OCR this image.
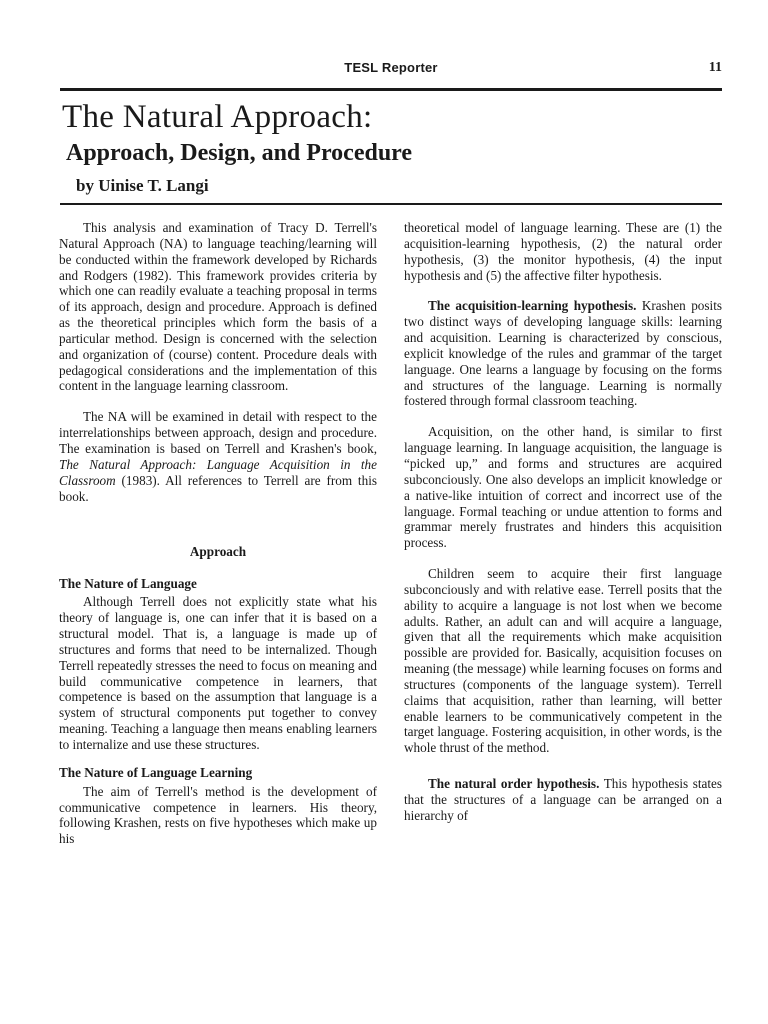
TESL Reporter	11
The Natural Approach:
Approach, Design, and Procedure
by Uinise T. Langi

This analysis and examination of Tracy D. Terrell's Natural Approach (NA) to language teaching/learning will be conducted within the framework developed by Richards and Rodgers (1982). This framework provides criteria by which one can readily evaluate a teaching proposal in terms of its approach, design and procedure. Approach is defined as the theoretical principles which form the basis of a particular method. Design is concerned with the selection and organization of (course) content. Procedure deals with pedagogical considerations and the implementation of this content in the language learning classroom.

The NA will be examined in detail with respect to the interrelationships between approach, design and procedure. The examination is based on Terrell and Krashen's book, The Natural Approach: Language Acquisition in the Classroom (1983). All references to Terrell are from this book.

Approach

The Nature of Language

Although Terrell does not explicitly state what his theory of language is, one can infer that it is based on a structural model. That is, a language is made up of structures and forms that need to be internalized. Though Terrell repeatedly stresses the need to focus on meaning and build communicative competence in learners, that competence is based on the assumption that language is a system of structural components put together to convey meaning. Teaching a language then means enabling learners to internalize and use these structures.

The Nature of Language Learning

The aim of Terrell's method is the development of communicative competence in learners. His theory, following Krashen, rests on five hypotheses which make up his

theoretical model of language learning. These are (1) the acquisition-learning hypothesis, (2) the natural order hypothesis, (3) the monitor hypothesis, (4) the input hypothesis and (5) the affective filter hypothesis.

The acquisition-learning hypothesis. Krashen posits two distinct ways of developing language skills: learning and acquisition. Learning is characterized by conscious, explicit knowledge of the rules and grammar of the target language. One learns a language by focusing on the forms and structures of the language. Learning is normally fostered through formal classroom teaching.

Acquisition, on the other hand, is similar to first language learning. In language acquisition, the language is “picked up,” and forms and structures are acquired subconciously. One also develops an implicit knowledge or a native-like intuition of correct and incorrect use of the language. Formal teaching or undue attention to forms and grammar merely frustrates and hinders this acquisition process.

Children seem to acquire their first language subconciously and with relative ease. Terrell posits that the ability to acquire a language is not lost when we become adults. Rather, an adult can and will acquire a language, given that all the requirements which make acquisition possible are provided for. Basically, acquisition focuses on meaning (the message) while learning focuses on forms and structures (components of the language system). Terrell claims that acquisition, rather than learning, will better enable learners to be communicatively competent in the target language. Fostering acquisition, in other words, is the whole thrust of the method.

The natural order hypothesis. This hypothesis states that the structures of a language can be arranged on a hierarchy of
